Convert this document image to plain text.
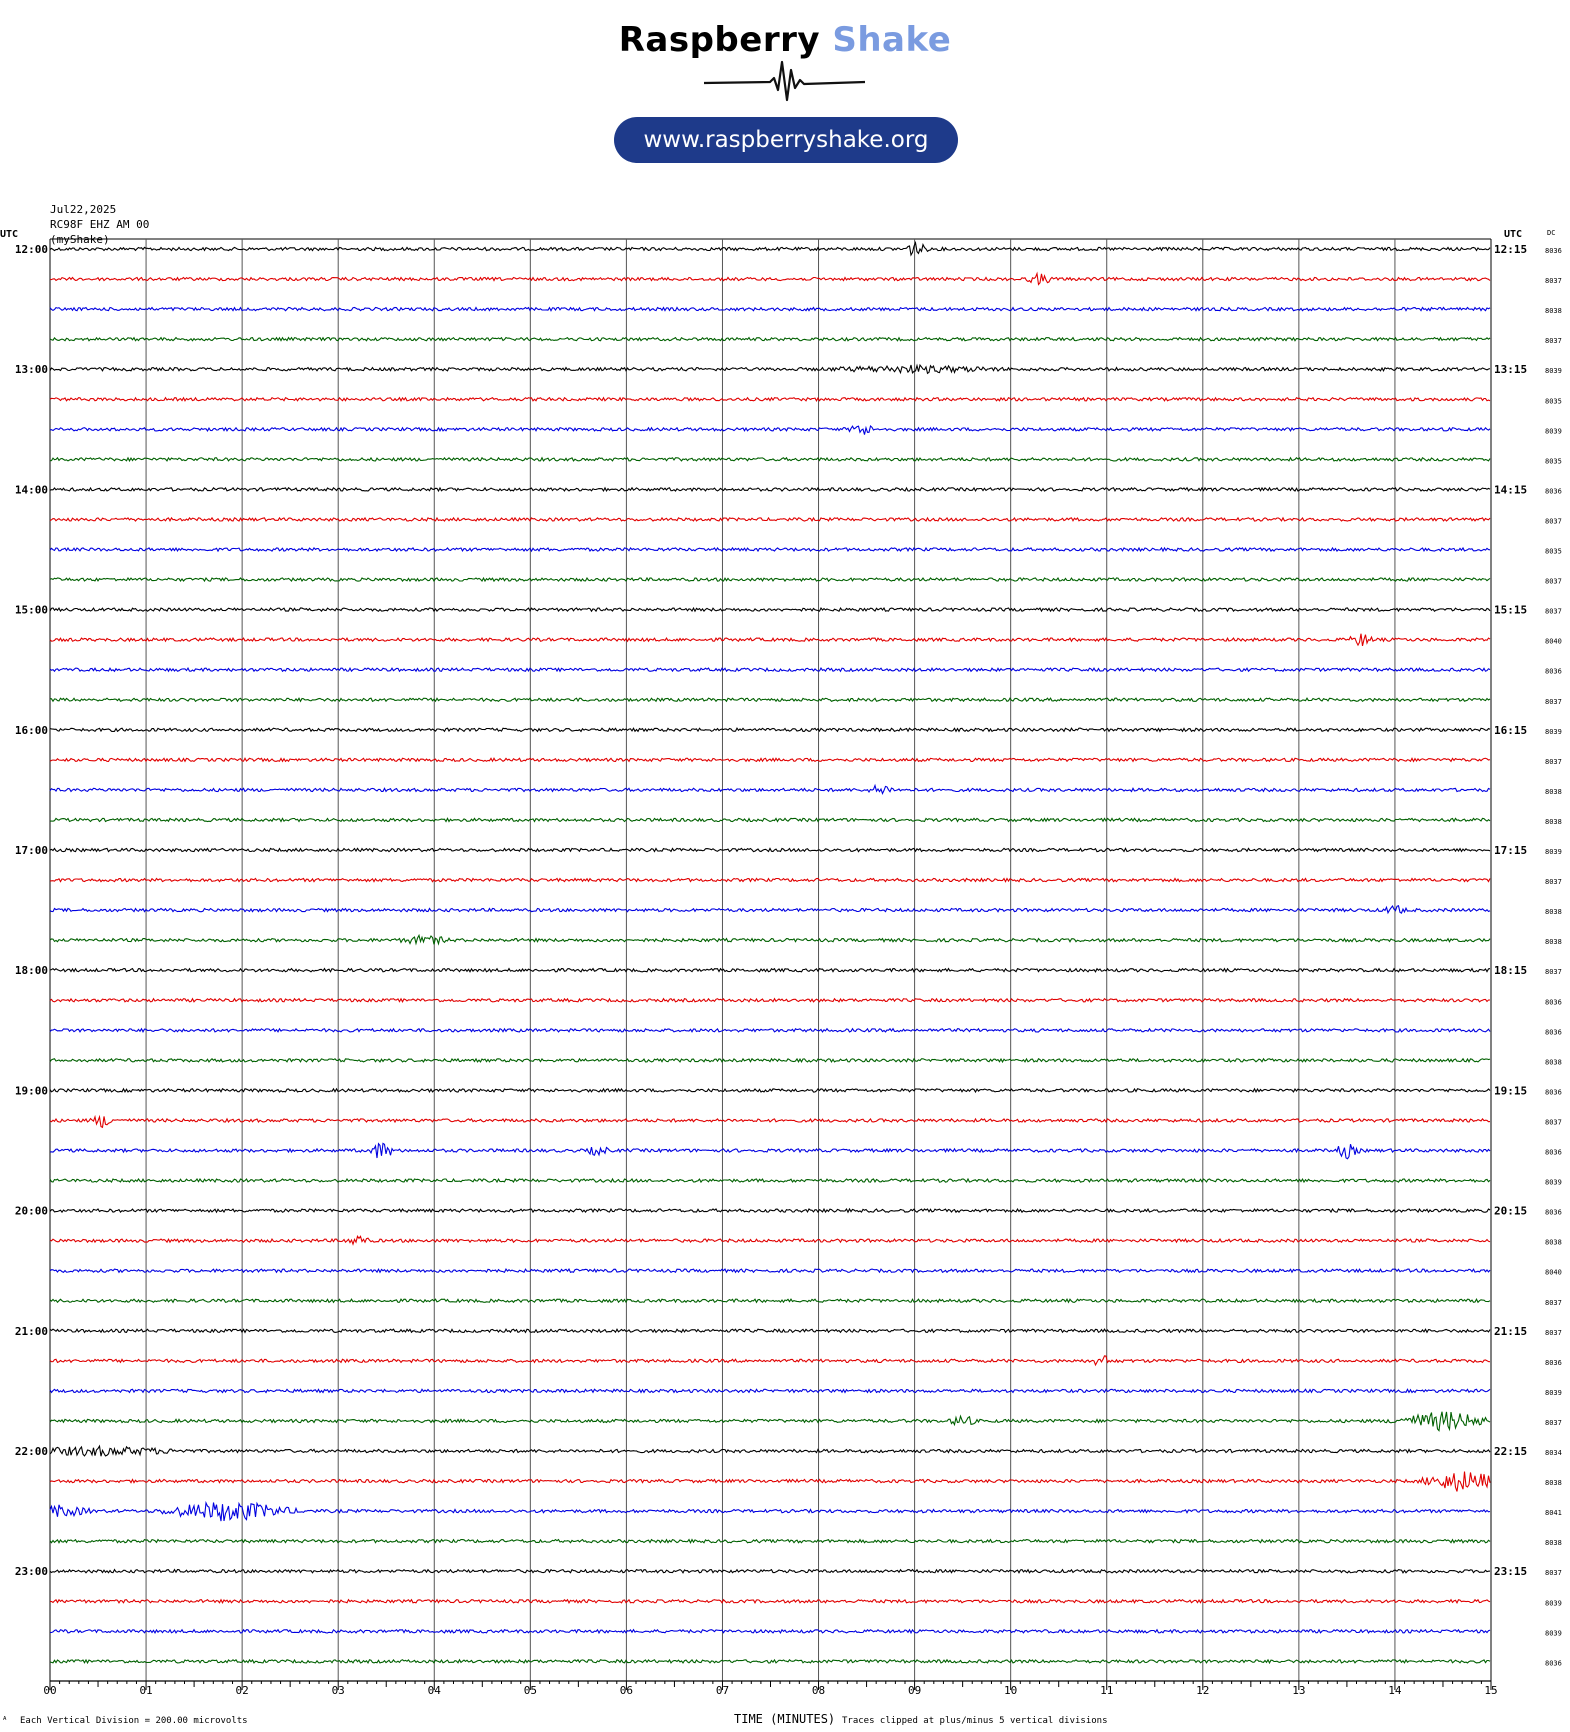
Raspberry Shake
www.raspberryshake.org
Jul22,2025
RC98F EHZ AM 00
(myShake)
00	01	02	03	04	05	06	07	08	09	10	11	12	13	14	15
8036
12:00	12:15
8037
8038
8037
8039
13:00	13:15
8035
8039
8035
8036
14:00	14:15
8037
8035
8037
8037
15:00	15:15
8040
8036
8037
8039
16:00	16:15
8037
8038
8038
8039
17:00	17:15
8037
8038
8038
8037
18:00	18:15
8036
8036
8038
8036
19:00	19:15
8037
8036
8039
8036
20:00	20:15
8038
8040
8037
8037
21:00	21:15
8036
8039
8037
8034
22:00	22:15
8038
8041
8038
8037
23:00	23:15
8039
8039
8036
UTC	UTC	DC
ᴬ Each Vertical Division = 200.00 microvolts	TIME (MINUTES) Traces clipped at plus/minus 5 vertical divisions
